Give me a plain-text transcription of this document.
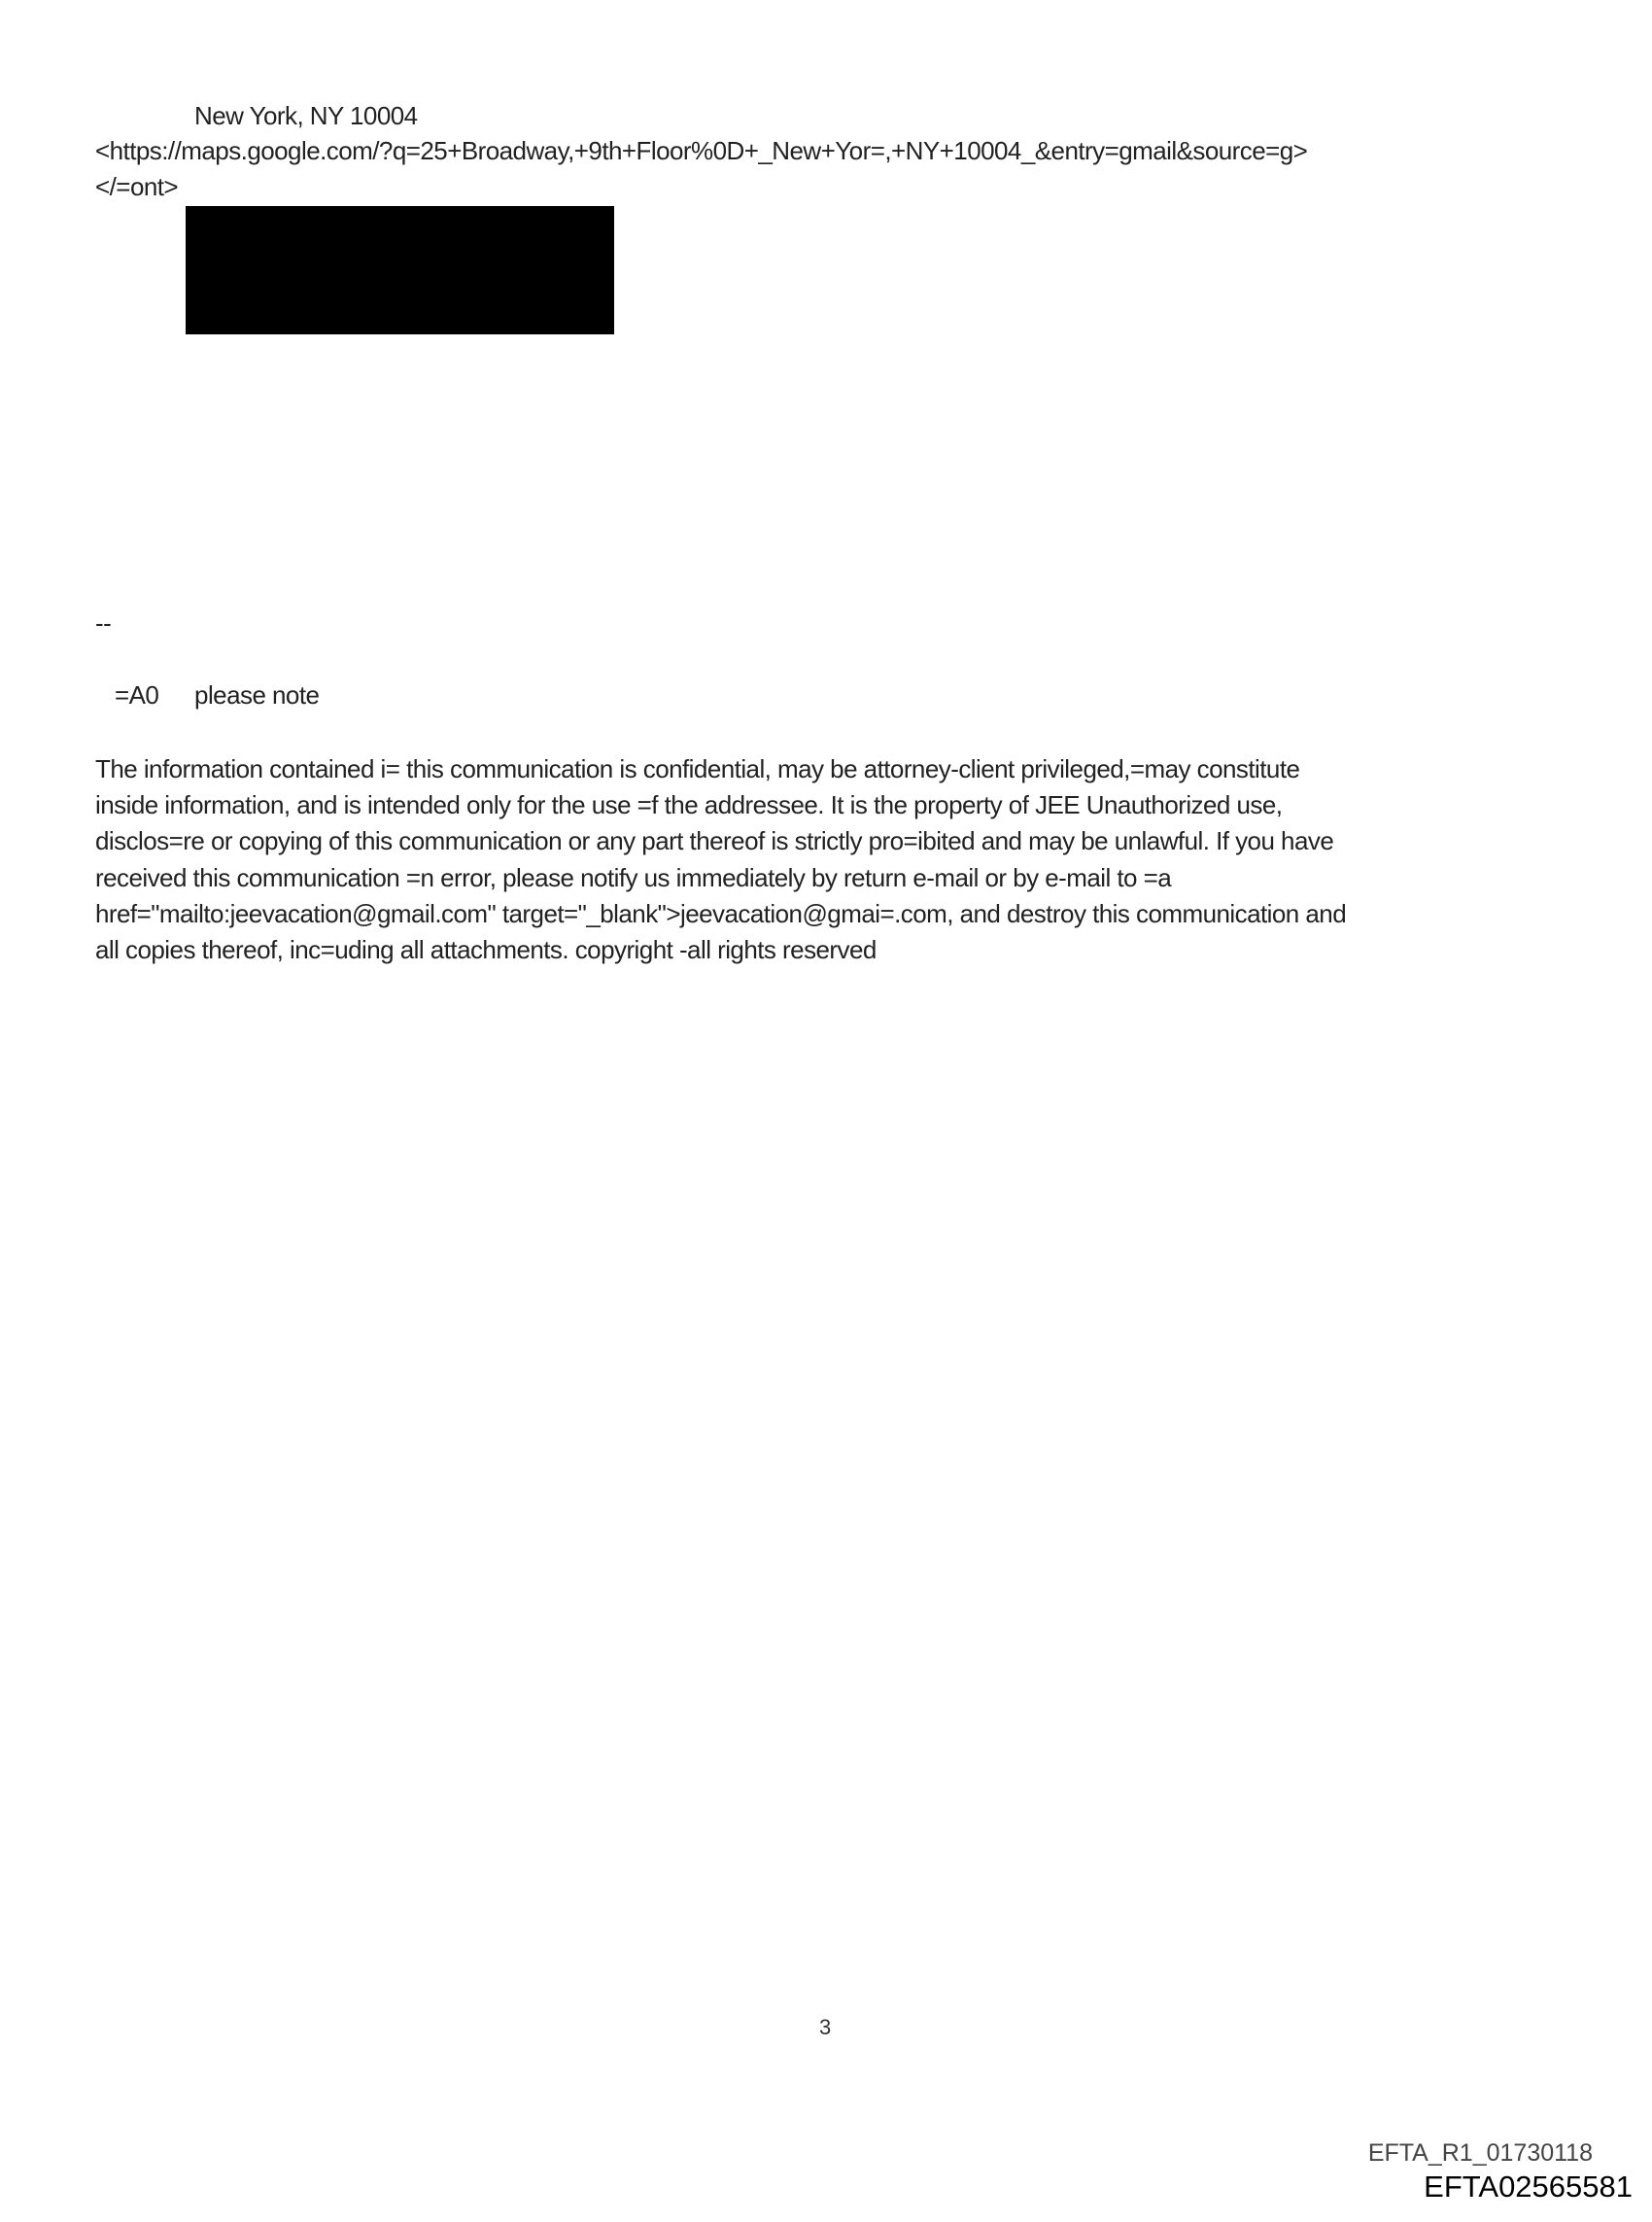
New York, NY 10004
<https://maps.google.com/?q=25+Broadway,+9th+Floor%0D+_New+Yor=,+NY+10004_&entry=gmail&source=g>
</=ont>
--
=A0 please note
The information contained i= this communication is confidential, may be attorney-client privileged,=may constitute
inside information, and is intended only for the use =f the addressee. It is the property of JEE Unauthorized use,
disclos=re or copying of this communication or any part thereof is strictly pro=ibited and may be unlawful. If you have
received this communication =n error, please notify us immediately by return e-mail or by e-mail to =a
href="mailto:jeevacation@gmail.com" target="_blank">jeevacation@gmai=.com, and destroy this communication and
all copies thereof, inc=uding all attachments. copyright -all rights reserved
3
EFTA_R1_01730118
EFTA02565581
